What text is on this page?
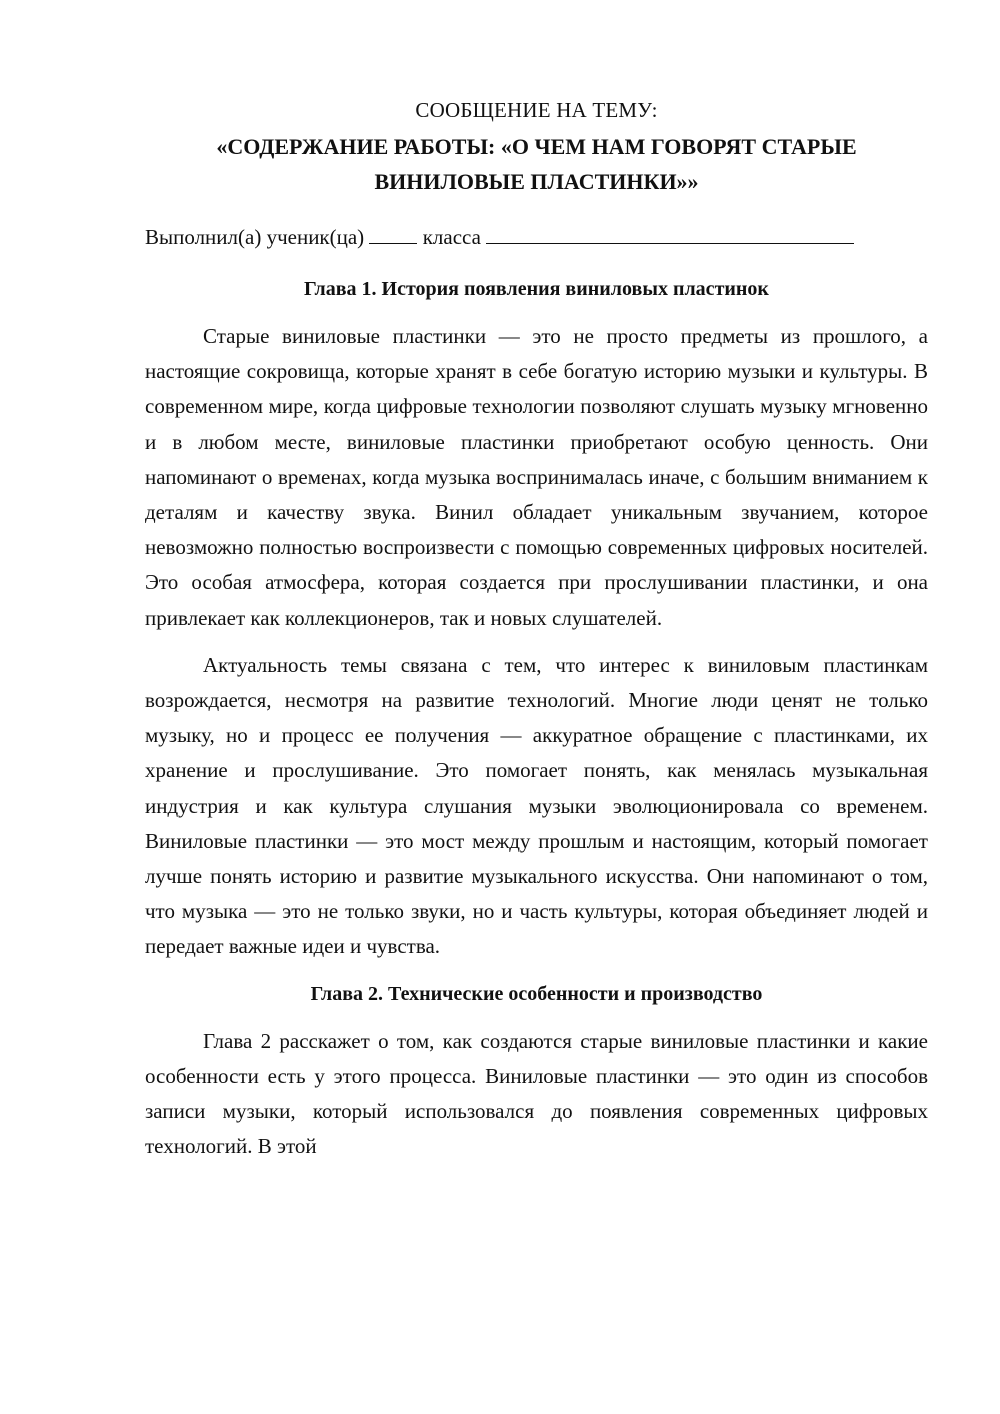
СООБЩЕНИЕ НА ТЕМУ:
«СОДЕРЖАНИЕ РАБОТЫ: «О ЧЕМ НАМ ГОВОРЯТ СТАРЫЕ
ВИНИЛОВЫЕ ПЛАСТИНКИ»»
Выполнил(а) ученик(ца)	класса
Глава 1. История появления виниловых пластинок

Старые виниловые пластинки — это не просто предметы из прошлого, а настоящие сокровища, которые хранят в себе богатую историю музыки и культуры. В современном мире, когда цифровые технологии позволяют слушать музыку мгновенно и в любом месте, виниловые пластинки приобретают особую ценность. Они напоминают о временах, когда музыка воспринималась иначе, с большим вниманием к деталям и качеству звука. Винил обладает уникальным звучанием, которое невозможно полностью воспроизвести с помощью современных цифровых носителей. Это особая атмосфера, которая создается при прослушивании пластинки, и она привлекает как коллекционеров, так и новых слушателей.

Актуальность темы связана с тем, что интерес к виниловым пластинкам возрождается, несмотря на развитие технологий. Многие люди ценят не только музыку, но и процесс ее получения — аккуратное обращение с пластинками, их хранение и прослушивание. Это помогает понять, как менялась музыкальная индустрия и как культура слушания музыки эволюционировала со временем. Виниловые пластинки — это мост между прошлым и настоящим, который помогает лучше понять историю и развитие музыкального искусства. Они напоминают о том, что музыка — это не только звуки, но и часть культуры, которая объединяет людей и передает важные идеи и чувства.

Глава 2. Технические особенности и производство

Глава 2 расскажет о том, как создаются старые виниловые пластинки и какие особенности есть у этого процесса. Виниловые пластинки — это один из способов записи музыки, который использовался до появления современных цифровых технологий. В этой
